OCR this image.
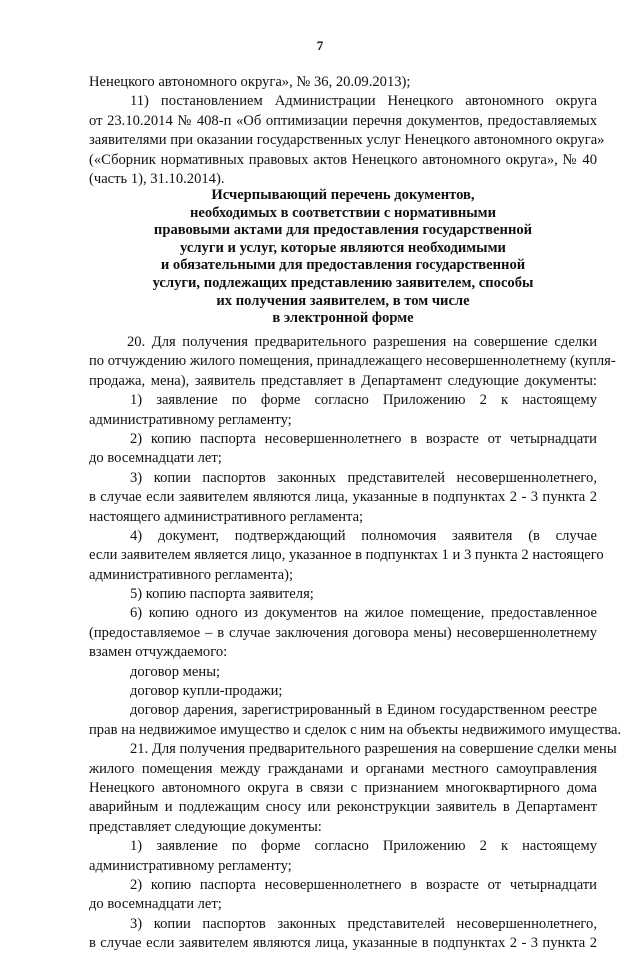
7
Ненецкого автономного округа», № 36, 20.09.2013);
11) постановлением Администрации Ненецкого автономного округа
от 23.10.2014 № 408-п «Об оптимизации перечня документов, предоставляемых
заявителями при оказании государственных услуг Ненецкого автономного округа»
(«Сборник нормативных правовых актов Ненецкого автономного округа», № 40
(часть 1), 31.10.2014).
Исчерпывающий перечень документов,
необходимых в соответствии с нормативными
правовыми актами для предоставления государственной
услуги и услуг, которые являются необходимыми
и обязательными для предоставления государственной
услуги, подлежащих представлению заявителем, способы
их получения заявителем, в том числе
в электронной форме
20. Для получения предварительного разрешения на совершение сделки
по отчуждению жилого помещения, принадлежащего несовершеннолетнему (купля-
продажа, мена), заявитель представляет в Департамент следующие документы:
1) заявление по форме согласно Приложению 2 к настоящему
административному регламенту;
2) копию паспорта несовершеннолетнего в возрасте от четырнадцати
до восемнадцати лет;
3) копии паспортов законных представителей несовершеннолетнего,
в случае если заявителем являются лица, указанные в подпунктах 2 - 3 пункта 2
настоящего административного регламента;
4) документ, подтверждающий полномочия заявителя (в случае
если заявителем является лицо, указанное в подпунктах 1 и 3 пункта 2 настоящего
административного регламента);
5) копию паспорта заявителя;
6) копию одного из документов на жилое помещение, предоставленное
(предоставляемое – в случае заключения договора мены) несовершеннолетнему
взамен отчуждаемого:
договор мены;
договор купли-продажи;
договор дарения, зарегистрированный в Едином государственном реестре
прав на недвижимое имущество и сделок с ним на объекты недвижимого имущества.
21. Для получения предварительного разрешения на совершение сделки мены
жилого помещения между гражданами и органами местного самоуправления
Ненецкого автономного округа в связи с признанием многоквартирного дома
аварийным и подлежащим сносу или реконструкции заявитель в Департамент
представляет следующие документы:
1) заявление по форме согласно Приложению 2 к настоящему
административному регламенту;
2) копию паспорта несовершеннолетнего в возрасте от четырнадцати
до восемнадцати лет;
3) копии паспортов законных представителей несовершеннолетнего,
в случае если заявителем являются лица, указанные в подпунктах 2 - 3 пункта 2
